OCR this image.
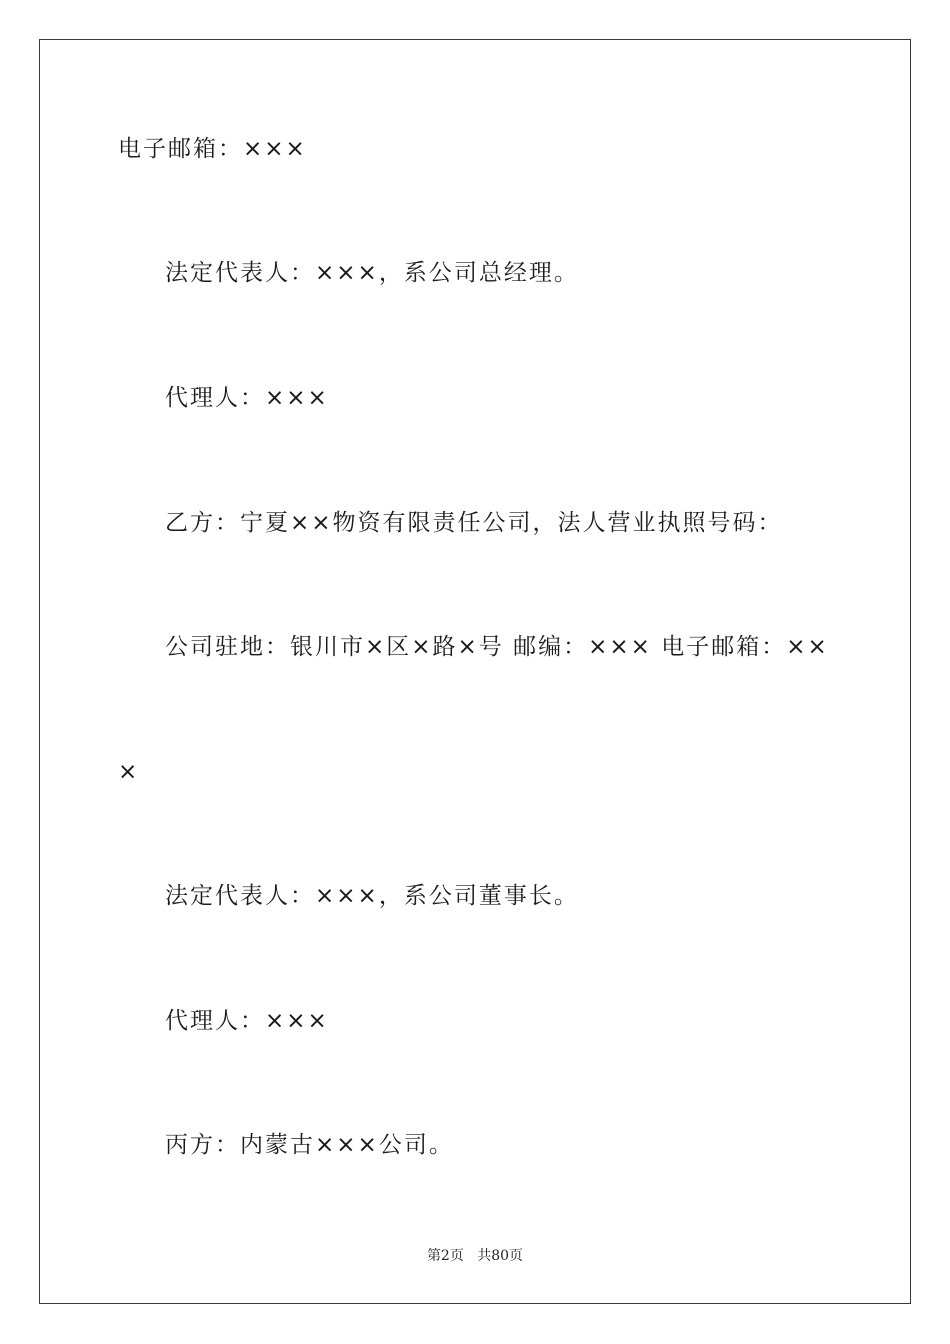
电子邮箱：×××
法定代表人：×××，系公司总经理。
代理人：×××
乙方：宁夏××物资有限责任公司，法人营业执照号码：
公司驻地：银川市×区×路×号 邮编：××× 电子邮箱：××
×
法定代表人：×××，系公司董事长。
代理人：×××
丙方：内蒙古×××公司。
第2页 共80页
